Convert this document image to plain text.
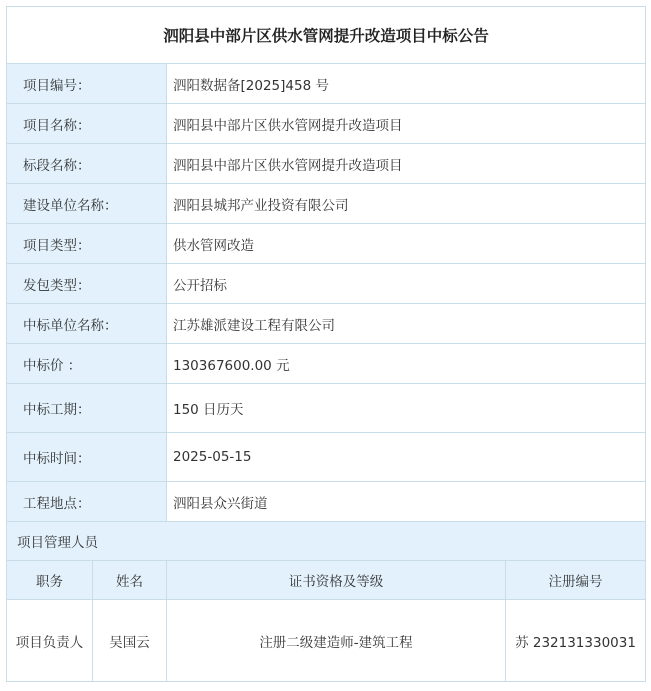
泗阳县中部片区供水管网提升改造项目中标公告			
项目编号：		泗阳数据备[2025]458 号	
项目名称：		泗阳县中部片区供水管网提升改造项目	
标段名称：		泗阳县中部片区供水管网提升改造项目	
建设单位名称：		泗阳县城邦产业投资有限公司	
项目类型：		供水管网改造	
发包类型：		公开招标	
中标单位名称：		江苏雄派建设工程有限公司	
中标价 ：		130367600.00 元	
中标工期：		150 日历天	
中标时间：		2025-05-15	
工程地点：		泗阳县众兴街道	
项目管理人员			
职务	姓名	证书资格及等级	注册编号
项目负责人	吴国云	注册二级建造师-建筑工程	苏 232131330031
